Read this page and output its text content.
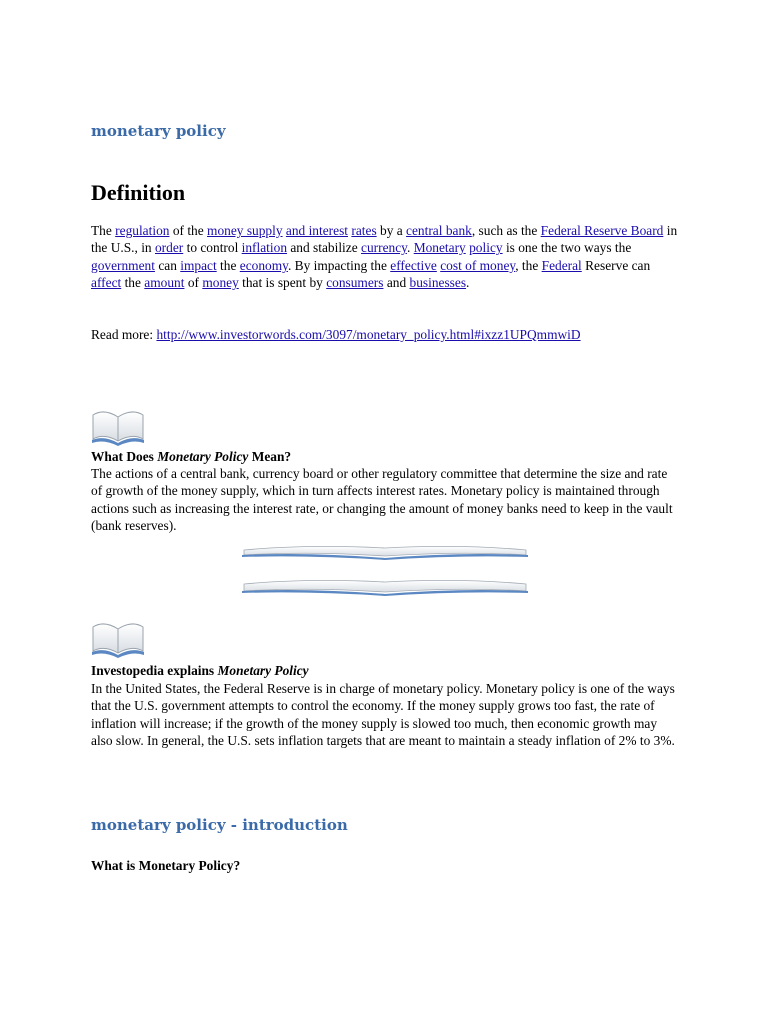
monetary policy
Definition

The regulation of the money supply and interest rates by a central bank, such as the Federal Reserve Board in the U.S., in order to control inflation and stabilize currency. Monetary policy is one the two ways the government can impact the economy. By impacting the effective cost of money, the Federal Reserve can affect the amount of money that is spent by consumers and businesses.

Read more: http://www.investorwords.com/3097/monetary_policy.html#ixzz1UPQmmwiD

What Does Monetary Policy Mean?

The actions of a central bank, currency board or other regulatory committee that determine the size and rate of growth of the money supply, which in turn affects interest rates. Monetary policy is maintained through actions such as increasing the interest rate, or changing the amount of money banks need to keep in the vault (bank reserves).

Investopedia explains Monetary Policy

In the United States, the Federal Reserve is in charge of monetary policy. Monetary policy is one of the ways that the U.S. government attempts to control the economy. If the money supply grows too fast, the rate of inflation will increase; if the growth of the money supply is slowed too much, then economic growth may also slow. In general, the U.S. sets inflation targets that are meant to maintain a steady inflation of 2% to 3%.

monetary policy - introduction

What is Monetary Policy?
